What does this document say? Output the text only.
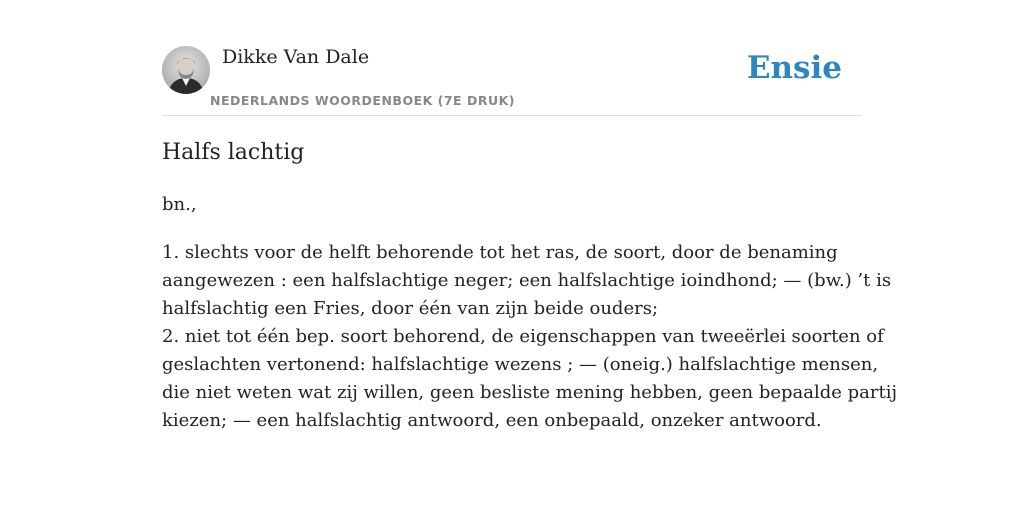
Dikke Van Dale
NEDERLANDS WOORDENBOEK (7E DRUK)
Ensie
Halfs lachtig
bn.,
1. slechts voor de helft behorende tot het ras, de soort, door de benaming
aangewezen : een halfslachtige neger; een halfslachtige ioindhond; — (bw.) ’t is
halfslachtig een Fries, door één van zijn beide ouders;
2. niet tot één bep. soort behorend, de eigenschappen van tweeërlei soorten of
geslachten vertonend: halfslachtige wezens ; — (oneig.) halfslachtige mensen,
die niet weten wat zij willen, geen besliste mening hebben, geen bepaalde partij
kiezen; — een halfslachtig antwoord, een onbepaald, onzeker antwoord.
